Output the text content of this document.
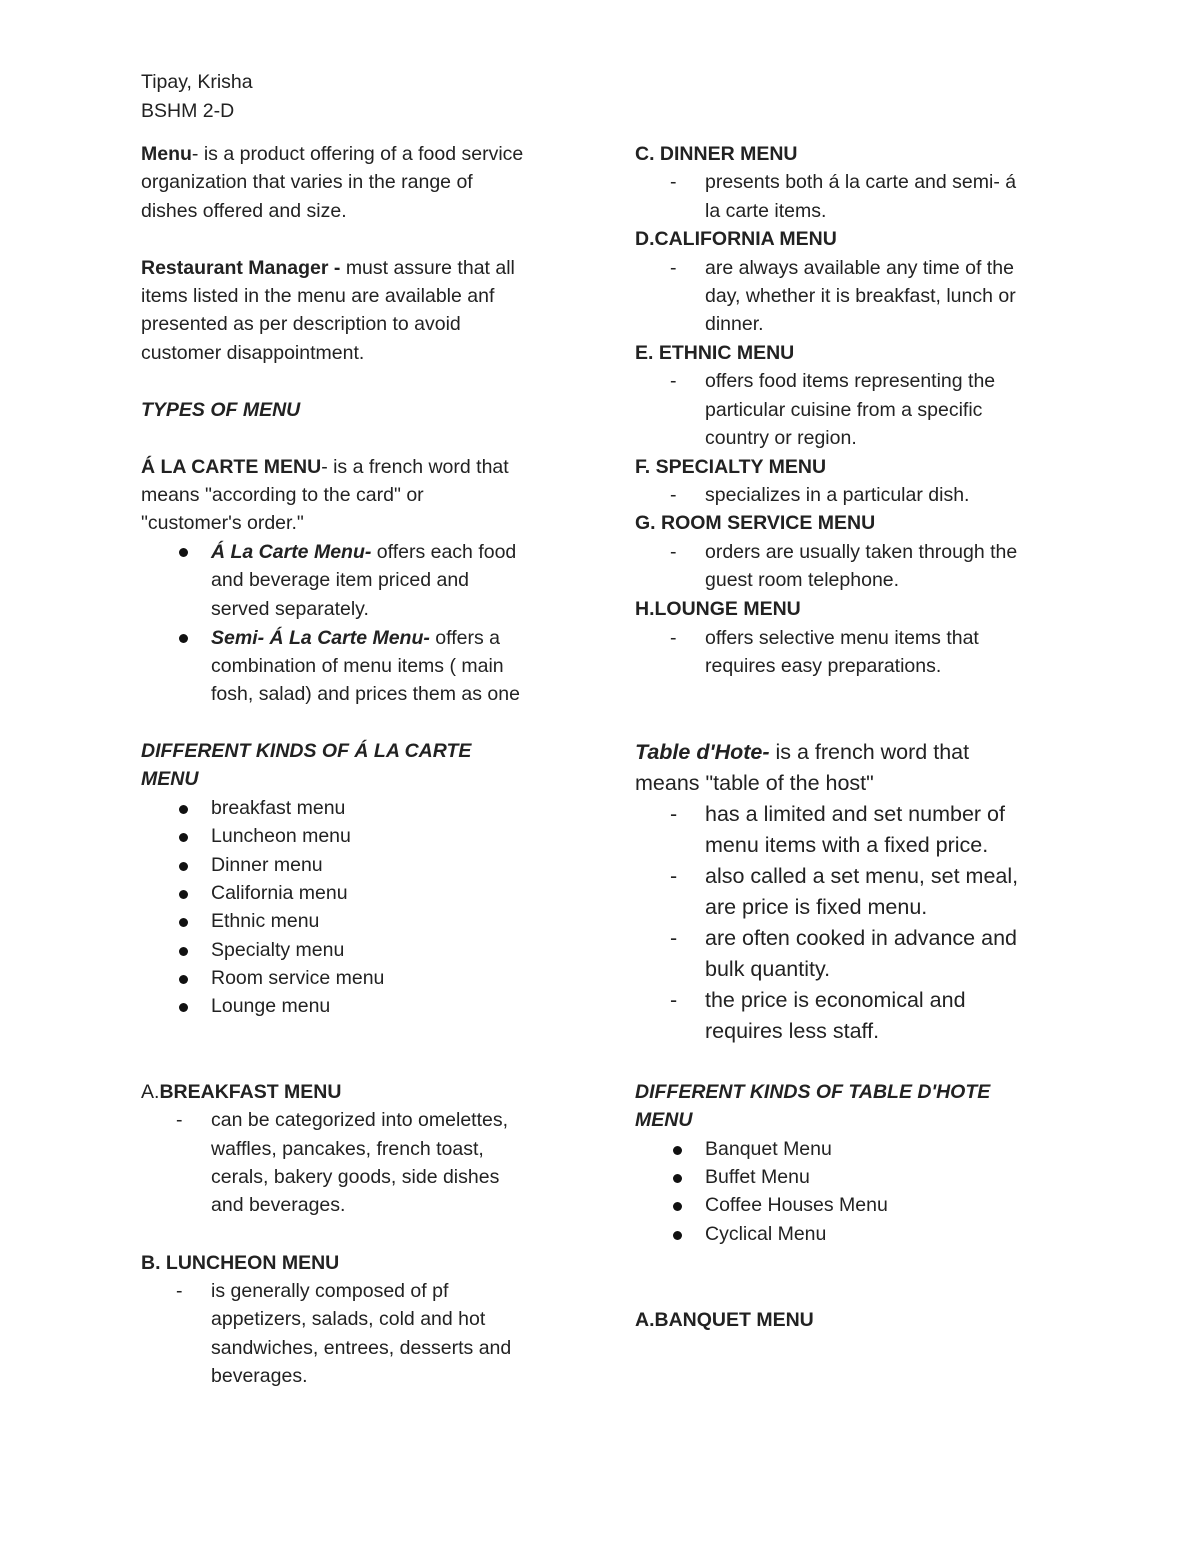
Tipay, Krisha
BSHM 2-D
Menu- is a product offering of a food service
organization that varies in the range of
dishes offered and size.
Restaurant Manager - must assure that all
items listed in the menu are available anf
presented as per description to avoid
customer disappointment.
TYPES OF MENU
Á LA CARTE MENU- is a french word that
means "according to the card" or
"customer's order."
Á La Carte Menu- offers each food
and beverage item priced and
served separately.
Semi- Á La Carte Menu- offers a
combination of menu items ( main
fosh, salad) and prices them as one
DIFFERENT KINDS OF Á LA CARTE
MENU
breakfast menu
Luncheon menu
Dinner menu
California menu
Ethnic menu
Specialty menu
Room service menu
Lounge menu
A.BREAKFAST MENU
- can be categorized into omelettes,
waffles, pancakes, french toast,
cerals, bakery goods, side dishes
and beverages.
B. LUNCHEON MENU
- is generally composed of pf
appetizers, salads, cold and hot
sandwiches, entrees, desserts and
beverages.
C. DINNER MENU
- presents both á la carte and semi- á
la carte items.
D.CALIFORNIA MENU
- are always available any time of the
day, whether it is breakfast, lunch or
dinner.
E. ETHNIC MENU
- offers food items representing the
particular cuisine from a specific
country or region.
F. SPECIALTY MENU
- specializes in a particular dish.
G. ROOM SERVICE MENU
- orders are usually taken through the
guest room telephone.
H.LOUNGE MENU
- offers selective menu items that
requires easy preparations.
Table d'Hote- is a french word that
means "table of the host"
- has a limited and set number of
menu items with a fixed price.
- also called a set menu, set meal,
are price is fixed menu.
- are often cooked in advance and
bulk quantity.
- the price is economical and
requires less staff.
DIFFERENT KINDS OF TABLE D'HOTE
MENU
Banquet Menu
Buffet Menu
Coffee Houses Menu
Cyclical Menu
A.BANQUET MENU
